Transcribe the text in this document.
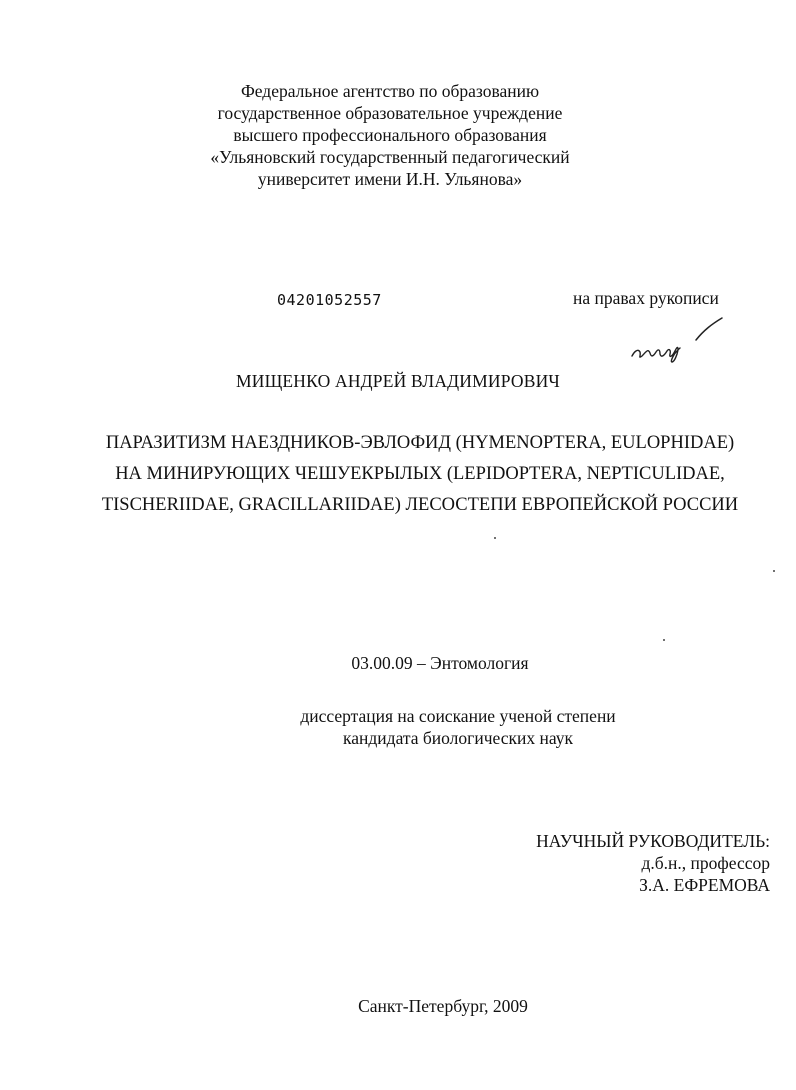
Федеральное агентство по образованию
государственное образовательное учреждение
высшего профессионального образования
«Ульяновский государственный педагогический
университет имени И.Н. Ульянова»
04201052557	на правах рукописи
МИЩЕНКО АНДРЕЙ ВЛАДИМИРОВИЧ
ПАРАЗИТИЗМ НАЕЗДНИКОВ-ЭВЛОФИД (HYMENOPTERA, EULOPHIDAE)
НА МИНИРУЮЩИХ ЧЕШУЕКРЫЛЫХ (LEPIDOPTERA, NEPTICULIDAE,
TISCHERIIDAE, GRACILLARIIDAE) ЛЕСОСТЕПИ ЕВРОПЕЙСКОЙ РОССИИ
03.00.09 – Энтомология
диссертация на соискание ученой степени
кандидата биологических наук
НАУЧНЫЙ РУКОВОДИТЕЛЬ:
д.б.н., профессор
З.А. ЕФРЕМОВА
Санкт-Петербург, 2009
